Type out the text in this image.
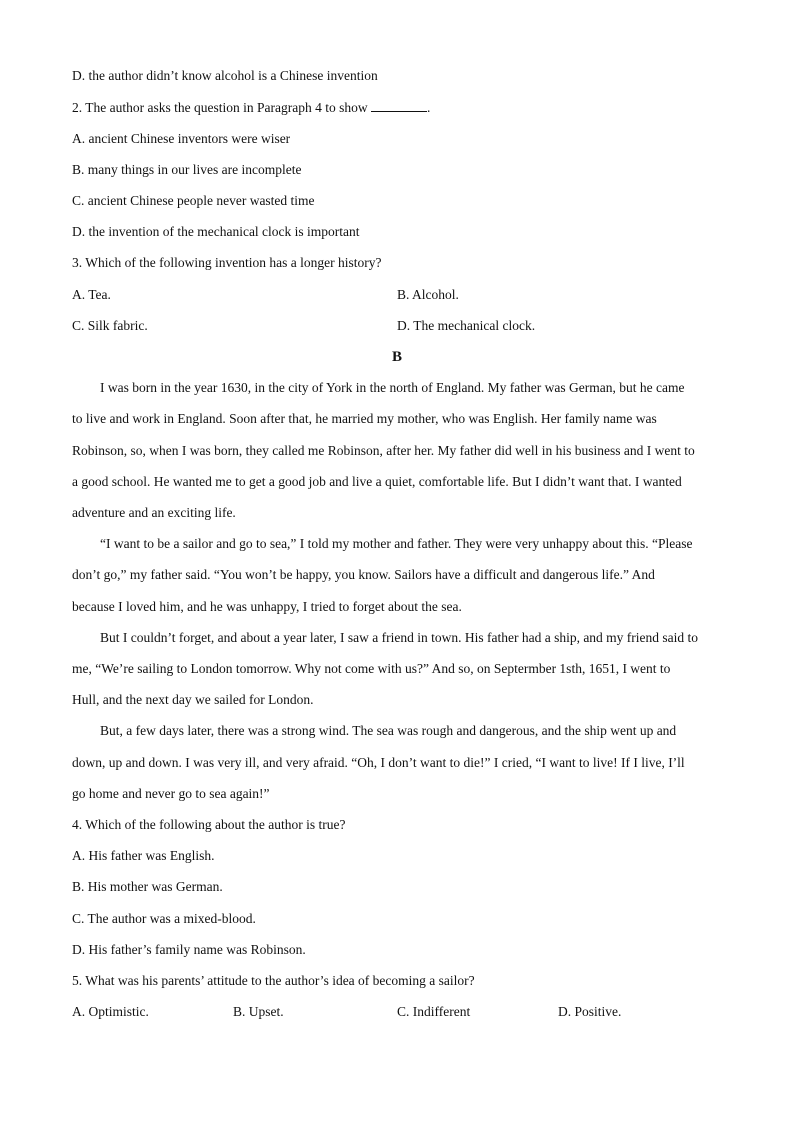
D. the author didn’t know alcohol is a Chinese invention
2. The author asks the question in Paragraph 4 to show	.
A. ancient Chinese inventors were wiser
B. many things in our lives are incomplete
C. ancient Chinese people never wasted time
D. the invention of the mechanical clock is important
3. Which of the following invention has a longer history?
A. Tea.	B. Alcohol.
C. Silk fabric.	D. The mechanical clock.
B
I was born in the year 1630, in the city of York in the north of England. My father was German, but he came
to live and work in England. Soon after that, he married my mother, who was English. Her family name was
Robinson, so, when I was born, they called me Robinson, after her. My father did well in his business and I went to
a good school. He wanted me to get a good job and live a quiet, comfortable life. But I didn’t want that. I wanted
adventure and an exciting life.
“I want to be a sailor and go to sea,” I told my mother and father. They were very unhappy about this. “Please
don’t go,” my father said. “You won’t be happy, you know. Sailors have a difficult and dangerous life.” And
because I loved him, and he was unhappy, I tried to forget about the sea.
But I couldn’t forget, and about a year later, I saw a friend in town. His father had a ship, and my friend said to
me, “We’re sailing to London tomorrow. Why not come with us?” And so, on Septermber 1sth, 1651, I went to
Hull, and the next day we sailed for London.
But, a few days later, there was a strong wind. The sea was rough and dangerous, and the ship went up and
down, up and down. I was very ill, and very afraid. “Oh, I don’t want to die!” I cried, “I want to live! If I live, I’ll
go home and never go to sea again!”
4. Which of the following about the author is true?
A. His father was English.
B. His mother was German.
C. The author was a mixed-blood.
D. His father’s family name was Robinson.
5. What was his parents’ attitude to the author’s idea of becoming a sailor?
A. Optimistic.	B. Upset.	C. Indifferent	D. Positive.
